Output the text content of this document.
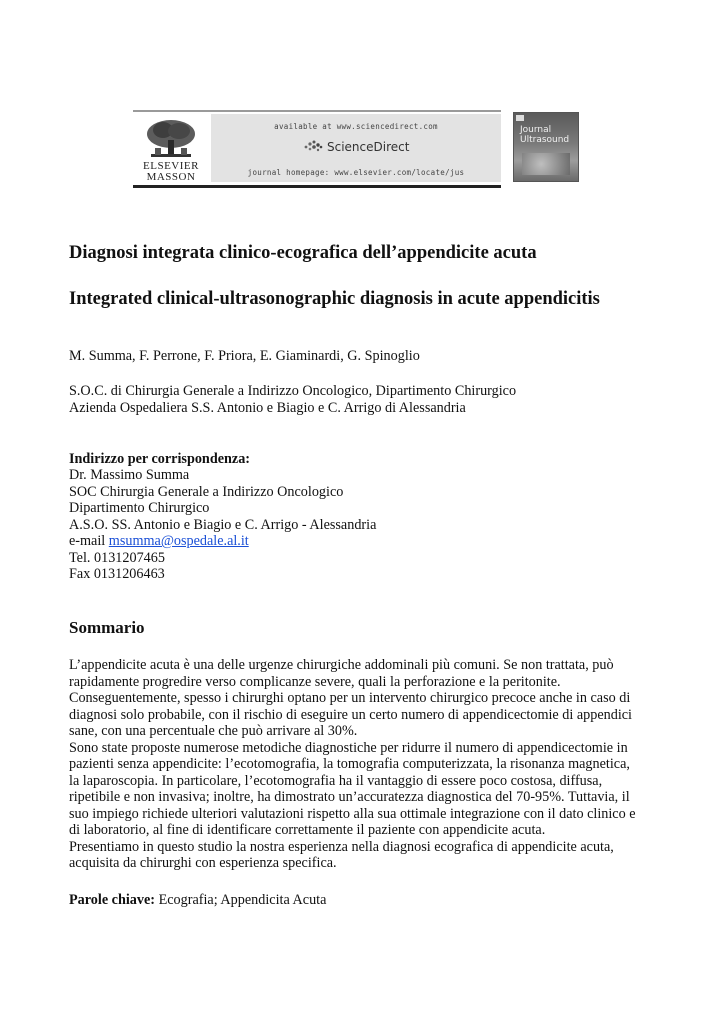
ELSEVIER
MASSON
available at www.sciencedirect.com
ScienceDirect
journal homepage: www.elsevier.com/locate/jus
Journal
Ultrasound
Diagnosi integrata clinico-ecografica dell’appendicite acuta
Integrated clinical-ultrasonographic diagnosis in acute appendicitis
M. Summa, F. Perrone, F. Priora, E. Giaminardi, G. Spinoglio
S.O.C. di Chirurgia Generale a Indirizzo Oncologico, Dipartimento Chirurgico
Azienda Ospedaliera S.S. Antonio e Biagio e C. Arrigo di Alessandria
Indirizzo per corrispondenza:
Dr. Massimo Summa
SOC Chirurgia Generale a Indirizzo Oncologico
Dipartimento Chirurgico
A.S.O. SS. Antonio e Biagio e C. Arrigo - Alessandria
e-mail msumma@ospedale.al.it
Tel. 0131207465
Fax 0131206463
Sommario
L’appendicite acuta è una delle urgenze chirurgiche addominali più comuni. Se non trattata, può
rapidamente progredire verso complicanze severe, quali la perforazione e la peritonite.
Conseguentemente, spesso i chirurghi optano per un intervento chirurgico precoce anche in caso di
diagnosi solo probabile, con il rischio di eseguire un certo numero di appendicectomie di appendici
sane, con una percentuale che può arrivare al 30%.
Sono state proposte numerose metodiche diagnostiche per ridurre il numero di appendicectomie in
pazienti senza appendicite: l’ecotomografia, la tomografia computerizzata, la risonanza magnetica,
la laparoscopia. In particolare, l’ecotomografia ha il vantaggio di essere poco costosa, diffusa,
ripetibile e non invasiva; inoltre, ha dimostrato un’accuratezza diagnostica del 70-95%. Tuttavia, il
suo impiego richiede ulteriori valutazioni rispetto alla sua ottimale integrazione con il dato clinico e
di laboratorio, al fine di identificare correttamente il paziente con appendicite acuta.
Presentiamo in questo studio la nostra esperienza nella diagnosi ecografica di appendicite acuta,
acquisita da chirurghi con esperienza specifica.
Parole chiave: Ecografia; Appendicita Acuta
